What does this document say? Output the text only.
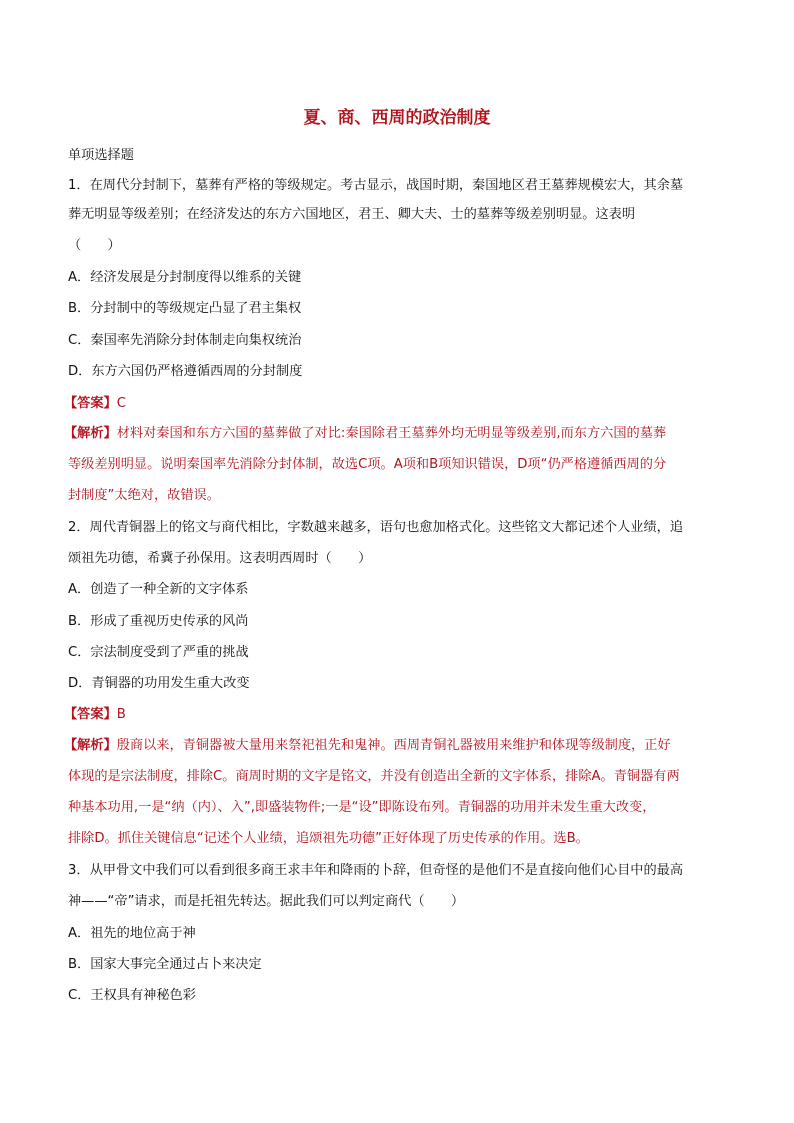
夏、商、西周的政治制度
单项选择题
1．在周代分封制下，墓葬有严格的等级规定。考古显示，战国时期，秦国地区君王墓葬规模宏大，其余墓
葬无明显等级差别；在经济发达的东方六国地区，君王、卿大夫、士的墓葬等级差别明显。这表明
（　　）
A．经济发展是分封制度得以维系的关键
B．分封制中的等级规定凸显了君主集权
C．秦国率先消除分封体制走向集权统治
D．东方六国仍严格遵循西周的分封制度
【答案】C
【解析】材料对秦国和东方六国的墓葬做了对比:秦国除君王墓葬外均无明显等级差别,而东方六国的墓葬
等级差别明显。说明秦国率先消除分封体制，故选C项。A项和B项知识错误，D项“仍严格遵循西周的分
封制度”太绝对，故错误。
2．周代青铜器上的铭文与商代相比，字数越来越多，语句也愈加格式化。这些铭文大都记述个人业绩，追
颂祖先功德，希冀子孙保用。这表明西周时（　　）
A．创造了一种全新的文字体系
B．形成了重视历史传承的风尚
C．宗法制度受到了严重的挑战
D．青铜器的功用发生重大改变
【答案】B
【解析】殷商以来，青铜器被大量用来祭祀祖先和鬼神。西周青铜礼器被用来维护和体现等级制度，正好
体现的是宗法制度，排除C。商周时期的文字是铭文，并没有创造出全新的文字体系，排除A。青铜器有两
种基本功用,一是“纳（内）、入”,即盛装物件;一是“设”即陈设布列。青铜器的功用并未发生重大改变，
排除D。抓住关键信息“记述个人业绩，追颂祖先功德”正好体现了历史传承的作用。选B。
3．从甲骨文中我们可以看到很多商王求丰年和降雨的卜辞，但奇怪的是他们不是直接向他们心目中的最高
神——“帝”请求，而是托祖先转达。据此我们可以判定商代（　　）
A．祖先的地位高于神
B．国家大事完全通过占卜来决定
C．王权具有神秘色彩
